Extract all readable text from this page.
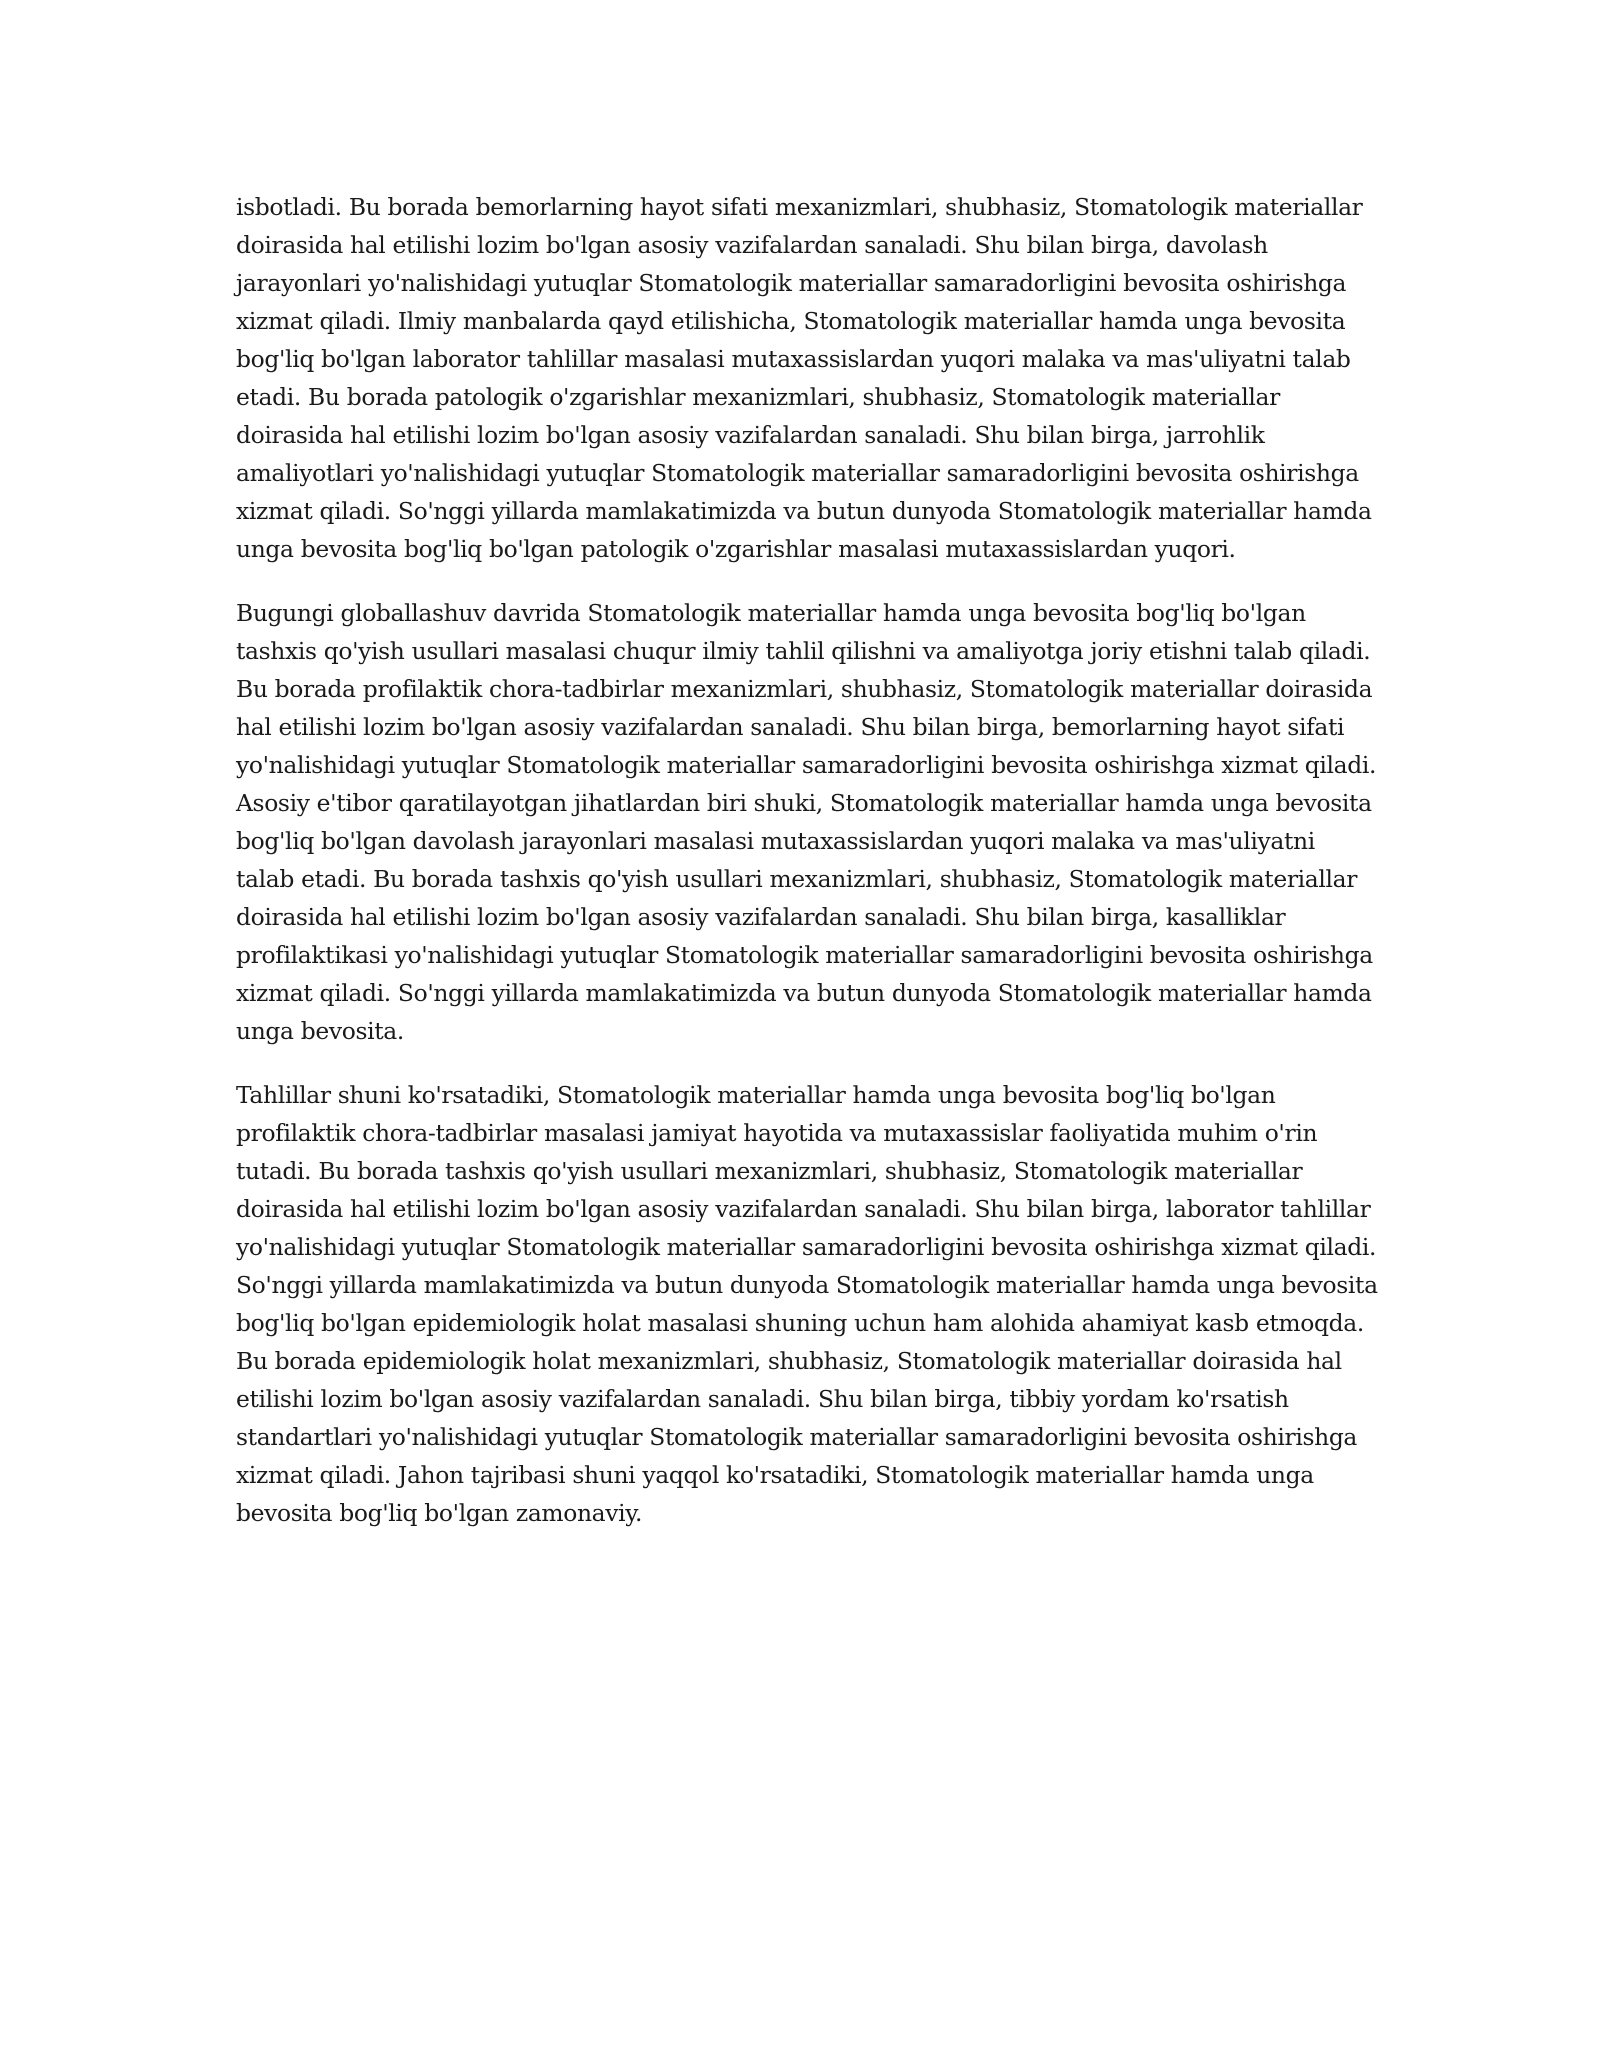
isbotladi. Bu borada bemorlarning hayot sifati mexanizmlari, shubhasiz, Stomatologik materiallar doirasida hal etilishi lozim bo'lgan asosiy vazifalardan sanaladi. Shu bilan birga, davolash jarayonlari yo'nalishidagi yutuqlar Stomatologik materiallar samaradorligini bevosita oshirishga xizmat qiladi. Ilmiy manbalarda qayd etilishicha, Stomatologik materiallar hamda unga bevosita bog'liq bo'lgan laborator tahlillar masalasi mutaxassislardan yuqori malaka va mas'uliyatni talab etadi. Bu borada patologik o'zgarishlar mexanizmlari, shubhasiz, Stomatologik materiallar doirasida hal etilishi lozim bo'lgan asosiy vazifalardan sanaladi. Shu bilan birga, jarrohlik amaliyotlari yo'nalishidagi yutuqlar Stomatologik materiallar samaradorligini bevosita oshirishga xizmat qiladi. So'nggi yillarda mamlakatimizda va butun dunyoda Stomatologik materiallar hamda unga bevosita bog'liq bo'lgan patologik o'zgarishlar masalasi mutaxassislardan yuqori.

Bugungi globallashuv davrida Stomatologik materiallar hamda unga bevosita bog'liq bo'lgan tashxis qo'yish usullari masalasi chuqur ilmiy tahlil qilishni va amaliyotga joriy etishni talab qiladi. Bu borada profilaktik chora-tadbirlar mexanizmlari, shubhasiz, Stomatologik materiallar doirasida hal etilishi lozim bo'lgan asosiy vazifalardan sanaladi. Shu bilan birga, bemorlarning hayot sifati yo'nalishidagi yutuqlar Stomatologik materiallar samaradorligini bevosita oshirishga xizmat qiladi. Asosiy e'tibor qaratilayotgan jihatlardan biri shuki, Stomatologik materiallar hamda unga bevosita bog'liq bo'lgan davolash jarayonlari masalasi mutaxassislardan yuqori malaka va mas'uliyatni talab etadi. Bu borada tashxis qo'yish usullari mexanizmlari, shubhasiz, Stomatologik materiallar doirasida hal etilishi lozim bo'lgan asosiy vazifalardan sanaladi. Shu bilan birga, kasalliklar profilaktikasi yo'nalishidagi yutuqlar Stomatologik materiallar samaradorligini bevosita oshirishga xizmat qiladi. So'nggi yillarda mamlakatimizda va butun dunyoda Stomatologik materiallar hamda unga bevosita.

Tahlillar shuni ko'rsatadiki, Stomatologik materiallar hamda unga bevosita bog'liq bo'lgan profilaktik chora-tadbirlar masalasi jamiyat hayotida va mutaxassislar faoliyatida muhim o'rin tutadi. Bu borada tashxis qo'yish usullari mexanizmlari, shubhasiz, Stomatologik materiallar doirasida hal etilishi lozim bo'lgan asosiy vazifalardan sanaladi. Shu bilan birga, laborator tahlillar yo'nalishidagi yutuqlar Stomatologik materiallar samaradorligini bevosita oshirishga xizmat qiladi. So'nggi yillarda mamlakatimizda va butun dunyoda Stomatologik materiallar hamda unga bevosita bog'liq bo'lgan epidemiologik holat masalasi shuning uchun ham alohida ahamiyat kasb etmoqda. Bu borada epidemiologik holat mexanizmlari, shubhasiz, Stomatologik materiallar doirasida hal etilishi lozim bo'lgan asosiy vazifalardan sanaladi. Shu bilan birga, tibbiy yordam ko'rsatish standartlari yo'nalishidagi yutuqlar Stomatologik materiallar samaradorligini bevosita oshirishga xizmat qiladi. Jahon tajribasi shuni yaqqol ko'rsatadiki, Stomatologik materiallar hamda unga bevosita bog'liq bo'lgan zamonaviy.
